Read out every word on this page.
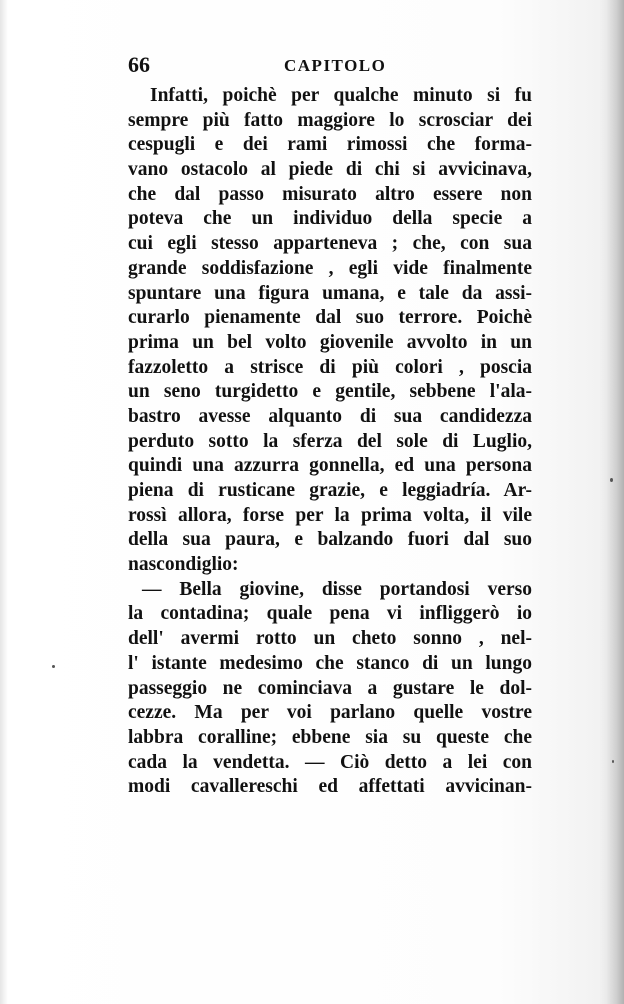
66	CAPITOLO
Infatti, poichè per qualche minuto si fu
sempre più fatto maggiore lo scrosciar dei
cespugli e dei rami rimossi che forma-
vano ostacolo al piede di chi si avvicinava,
che dal passo misurato altro essere non
poteva che un individuo della specie a
cui egli stesso apparteneva ; che, con sua
grande soddisfazione , egli vide finalmente
spuntare una figura umana, e tale da assi-
curarlo pienamente dal suo terrore. Poichè
prima un bel volto giovenile avvolto in un
fazzoletto a strisce di più colori , poscia
un seno turgidetto e gentile, sebbene l'ala-
bastro avesse alquanto di sua candidezza
perduto sotto la sferza del sole di Luglio,
quindi una azzurra gonnella, ed una persona
piena di rusticane grazie, e leggiadría. Ar-
rossì allora, forse per la prima volta, il vile
della sua paura, e balzando fuori dal suo
nascondiglio:
— Bella giovine, disse portandosi verso
la contadina; quale pena vi infliggerò io
dell' avermi rotto un cheto sonno , nel-
l' istante medesimo che stanco di un lungo
passeggio ne cominciava a gustare le dol-
cezze. Ma per voi parlano quelle vostre
labbra coralline; ebbene sia su queste che
cada la vendetta. — Ciò detto a lei con
modi cavallereschi ed affettati avvicinan-
